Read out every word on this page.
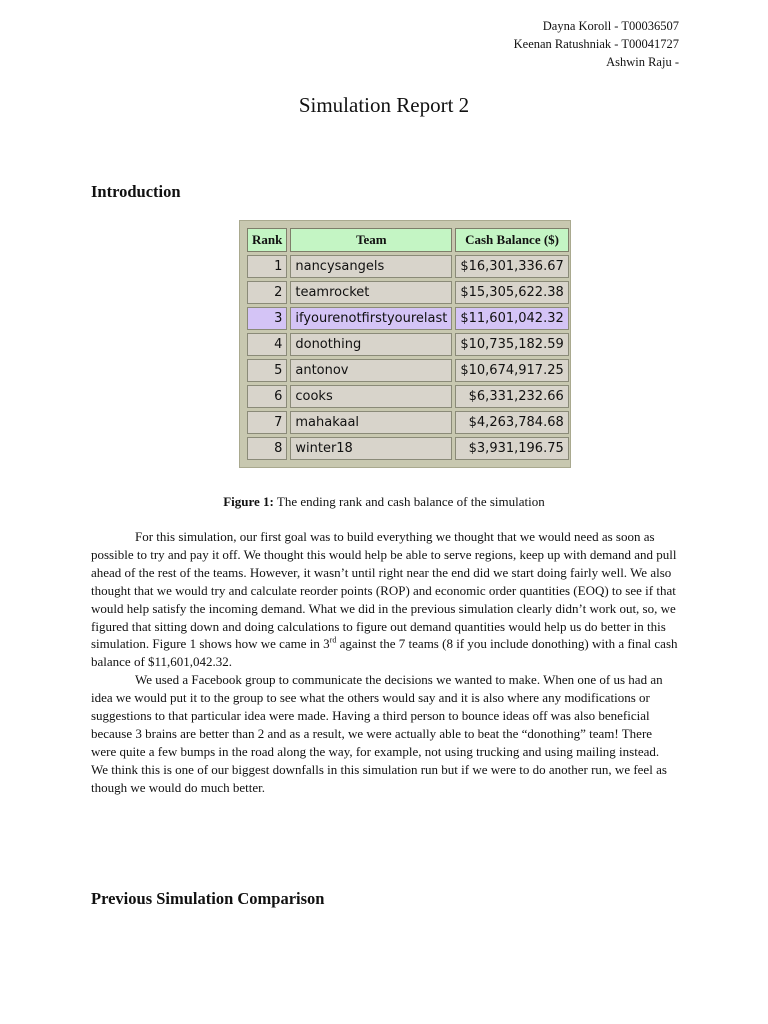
Dayna Koroll - T00036507
Keenan Ratushniak - T00041727
Ashwin Raju -
Simulation Report 2
Introduction
Rank	Team	Cash Balance ($)
1	nancysangels	$16,301,336.67
2	teamrocket	$15,305,622.38
3	ifyourenotfirstyourelast	$11,601,042.32
4	donothing	$10,735,182.59
5	antonov	$10,674,917.25
6	cooks	$6,331,232.66
7	mahakaal	$4,263,784.68
8	winter18	$3,931,196.75
Figure 1: The ending rank and cash balance of the simulation

For this simulation, our first goal was to build everything we thought that we would need as soon as possible to try and pay it off. We thought this would help be able to serve regions, keep up with demand and pull ahead of the rest of the teams. However, it wasn’t until right near the end did we start doing fairly well. We also thought that we would try and calculate reorder points (ROP) and economic order quantities (EOQ) to see if that would help satisfy the incoming demand. What we did in the previous simulation clearly didn’t work out, so, we figured that sitting down and doing calculations to figure out demand quantities would help us do better in this simulation. Figure 1 shows how we came in 3rd against the 7 teams (8 if you include donothing) with a final cash balance of $11,601,042.32.

We used a Facebook group to communicate the decisions we wanted to make. When one of us had an idea we would put it to the group to see what the others would say and it is also where any modifications or suggestions to that particular idea were made. Having a third person to bounce ideas off was also beneficial because 3 brains are better than 2 and as a result, we were actually able to beat the “donothing” team! There were quite a few bumps in the road along the way, for example, not using trucking and using mailing instead. We think this is one of our biggest downfalls in this simulation run but if we were to do another run, we feel as though we would do much better.

Previous Simulation Comparison
